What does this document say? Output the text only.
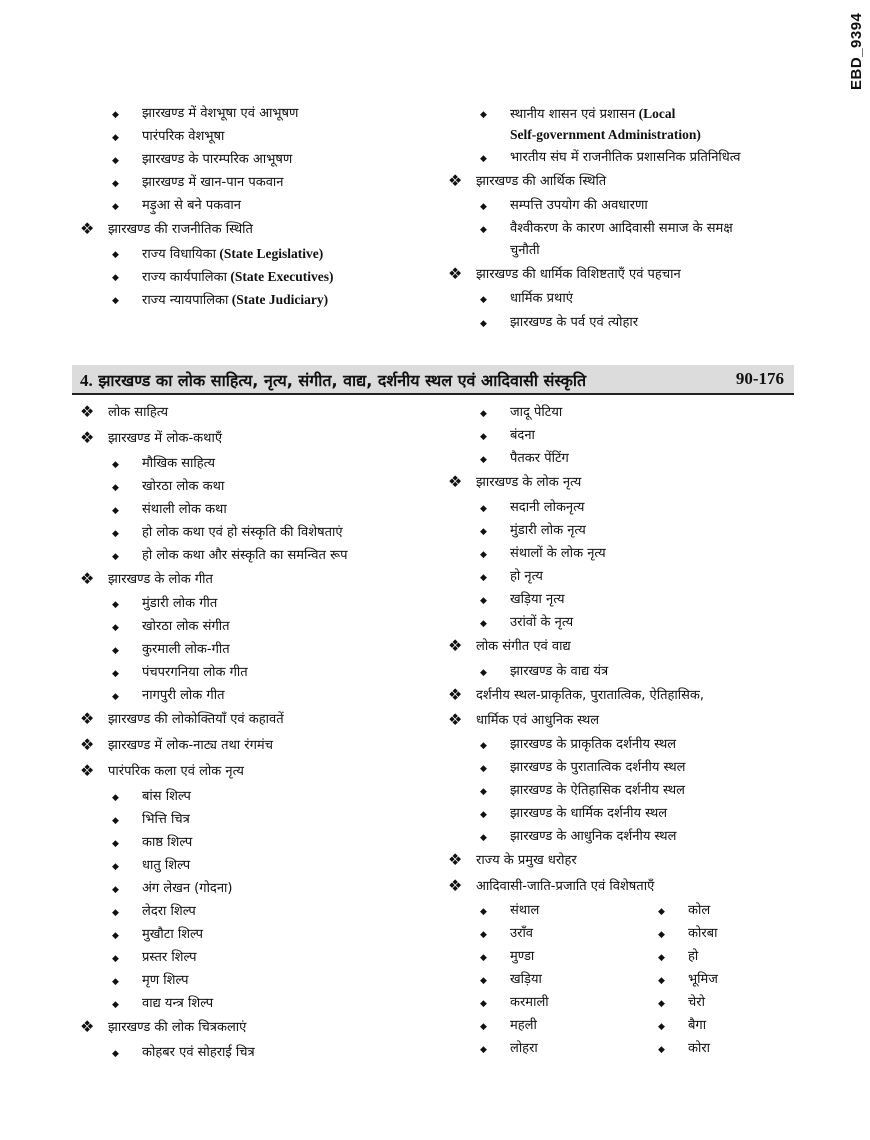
EBD_9394
◆ झारखण्ड में वेशभूषा एवं आभूषण
◆ पारंपरिक वेशभूषा
◆ झारखण्ड के पारम्परिक आभूषण
◆ झारखण्ड में खान-पान पकवान
◆ मड़ुआ से बने पकवान
❖ झारखण्ड की राजनीतिक स्थिति
◆ राज्य विधायिका (State Legislative)
◆ राज्य कार्यपालिका (State Executives)
◆ राज्य न्यायपालिका (State Judiciary)
◆ स्थानीय शासन एवं प्रशासन (Local
Self-government Administration)
◆ भारतीय संघ में राजनीतिक प्रशासनिक प्रतिनिधित्व
❖ झारखण्ड की आर्थिक स्थिति
◆ सम्पत्ति उपयोग की अवधारणा
◆ वैश्वीकरण के कारण आदिवासी समाज के समक्ष
चुनौती
❖ झारखण्ड की धार्मिक विशिष्टताएँ एवं पहचान
◆ धार्मिक प्रथाएं
◆ झारखण्ड के पर्व एवं त्योहार
4. झारखण्ड का लोक साहित्य, नृत्य, संगीत, वाद्य, दर्शनीय स्थल एवं आदिवासी संस्कृति	90-176
❖ लोक साहित्य
❖ झारखण्ड में लोक-कथाएँ
◆ मौखिक साहित्य
◆ खोरठा लोक कथा
◆ संथाली लोक कथा
◆ हो लोक कथा एवं हो संस्कृति की विशेषताएं
◆ हो लोक कथा और संस्कृति का समन्वित रूप
❖ झारखण्ड के लोक गीत
◆ मुंडारी लोक गीत
◆ खोरठा लोक संगीत
◆ कुरमाली लोक-गीत
◆ पंचपरगनिया लोक गीत
◆ नागपुरी लोक गीत
❖ झारखण्ड की लोकोक्तियाँ एवं कहावतें
❖ झारखण्ड में लोक-नाट्य तथा रंगमंच
❖ पारंपरिक कला एवं लोक नृत्य
◆ बांस शिल्प
◆ भित्ति चित्र
◆ काष्ठ शिल्प
◆ धातु शिल्प
◆ अंग लेखन (गोदना)
◆ लेदरा शिल्प
◆ मुखौटा शिल्प
◆ प्रस्तर शिल्प
◆ मृण शिल्प
◆ वाद्य यन्त्र शिल्प
❖ झारखण्ड की लोक चित्रकलाएं
◆ कोहबर एवं सोहराई चित्र
◆ जादू पेटिया
◆ बंदना
◆ पैतकर पेंटिंग
❖ झारखण्ड के लोक नृत्य
◆ सदानी लोकनृत्य
◆ मुंडारी लोक नृत्य
◆ संथालों के लोक नृत्य
◆ हो नृत्य
◆ खड़िया नृत्य
◆ उरांवों के नृत्य
❖ लोक संगीत एवं वाद्य
◆ झारखण्ड के वाद्य यंत्र
❖ दर्शनीय स्थल-प्राकृतिक, पुरातात्विक, ऐतिहासिक,
❖ धार्मिक एवं आधुनिक स्थल
◆ झारखण्ड के प्राकृतिक दर्शनीय स्थल
◆ झारखण्ड के पुरातात्विक दर्शनीय स्थल
◆ झारखण्ड के ऐतिहासिक दर्शनीय स्थल
◆ झारखण्ड के धार्मिक दर्शनीय स्थल
◆ झारखण्ड के आधुनिक दर्शनीय स्थल
❖ राज्य के प्रमुख धरोहर
❖ आदिवासी-जाति-प्रजाति एवं विशेषताएँ
◆ संथाल
◆ उराँव
◆ मुण्डा
◆ खड़िया
◆ करमाली
◆ महली
◆ लोहरा
◆ कोल
◆ कोरबा
◆ हो
◆ भूमिज
◆ चेरो
◆ बैगा
◆ कोरा
